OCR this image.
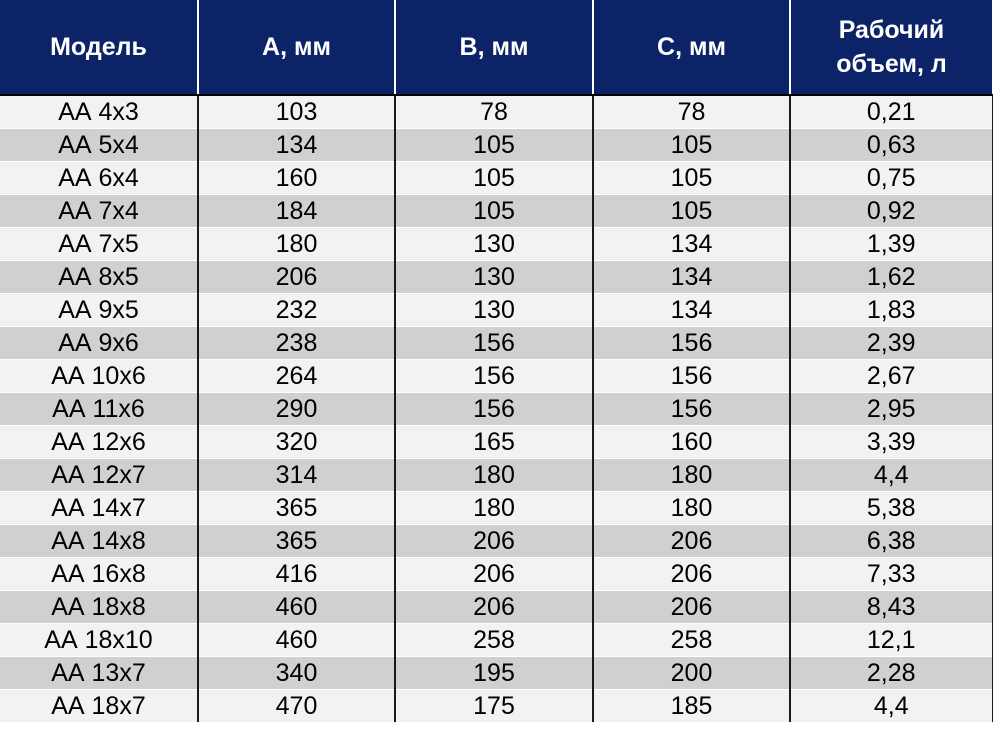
Модель	A, мм	B, мм	C, мм	Рабочий
объем, л

АА 4х3	103	78	78	0,21
АА 5х4	134	105	105	0,63
АА 6х4	160	105	105	0,75
АА 7х4	184	105	105	0,92
АА 7х5	180	130	134	1,39
АА 8х5	206	130	134	1,62
АА 9х5	232	130	134	1,83
АА 9х6	238	156	156	2,39
АА 10х6	264	156	156	2,67
АА 11х6	290	156	156	2,95
АА 12х6	320	165	160	3,39
АА 12х7	314	180	180	4,4
АА 14х7	365	180	180	5,38
АА 14х8	365	206	206	6,38
АА 16х8	416	206	206	7,33
АА 18х8	460	206	206	8,43
АА 18х10	460	258	258	12,1
АА 13х7	340	195	200	2,28
АА 18х7	470	175	185	4,4
